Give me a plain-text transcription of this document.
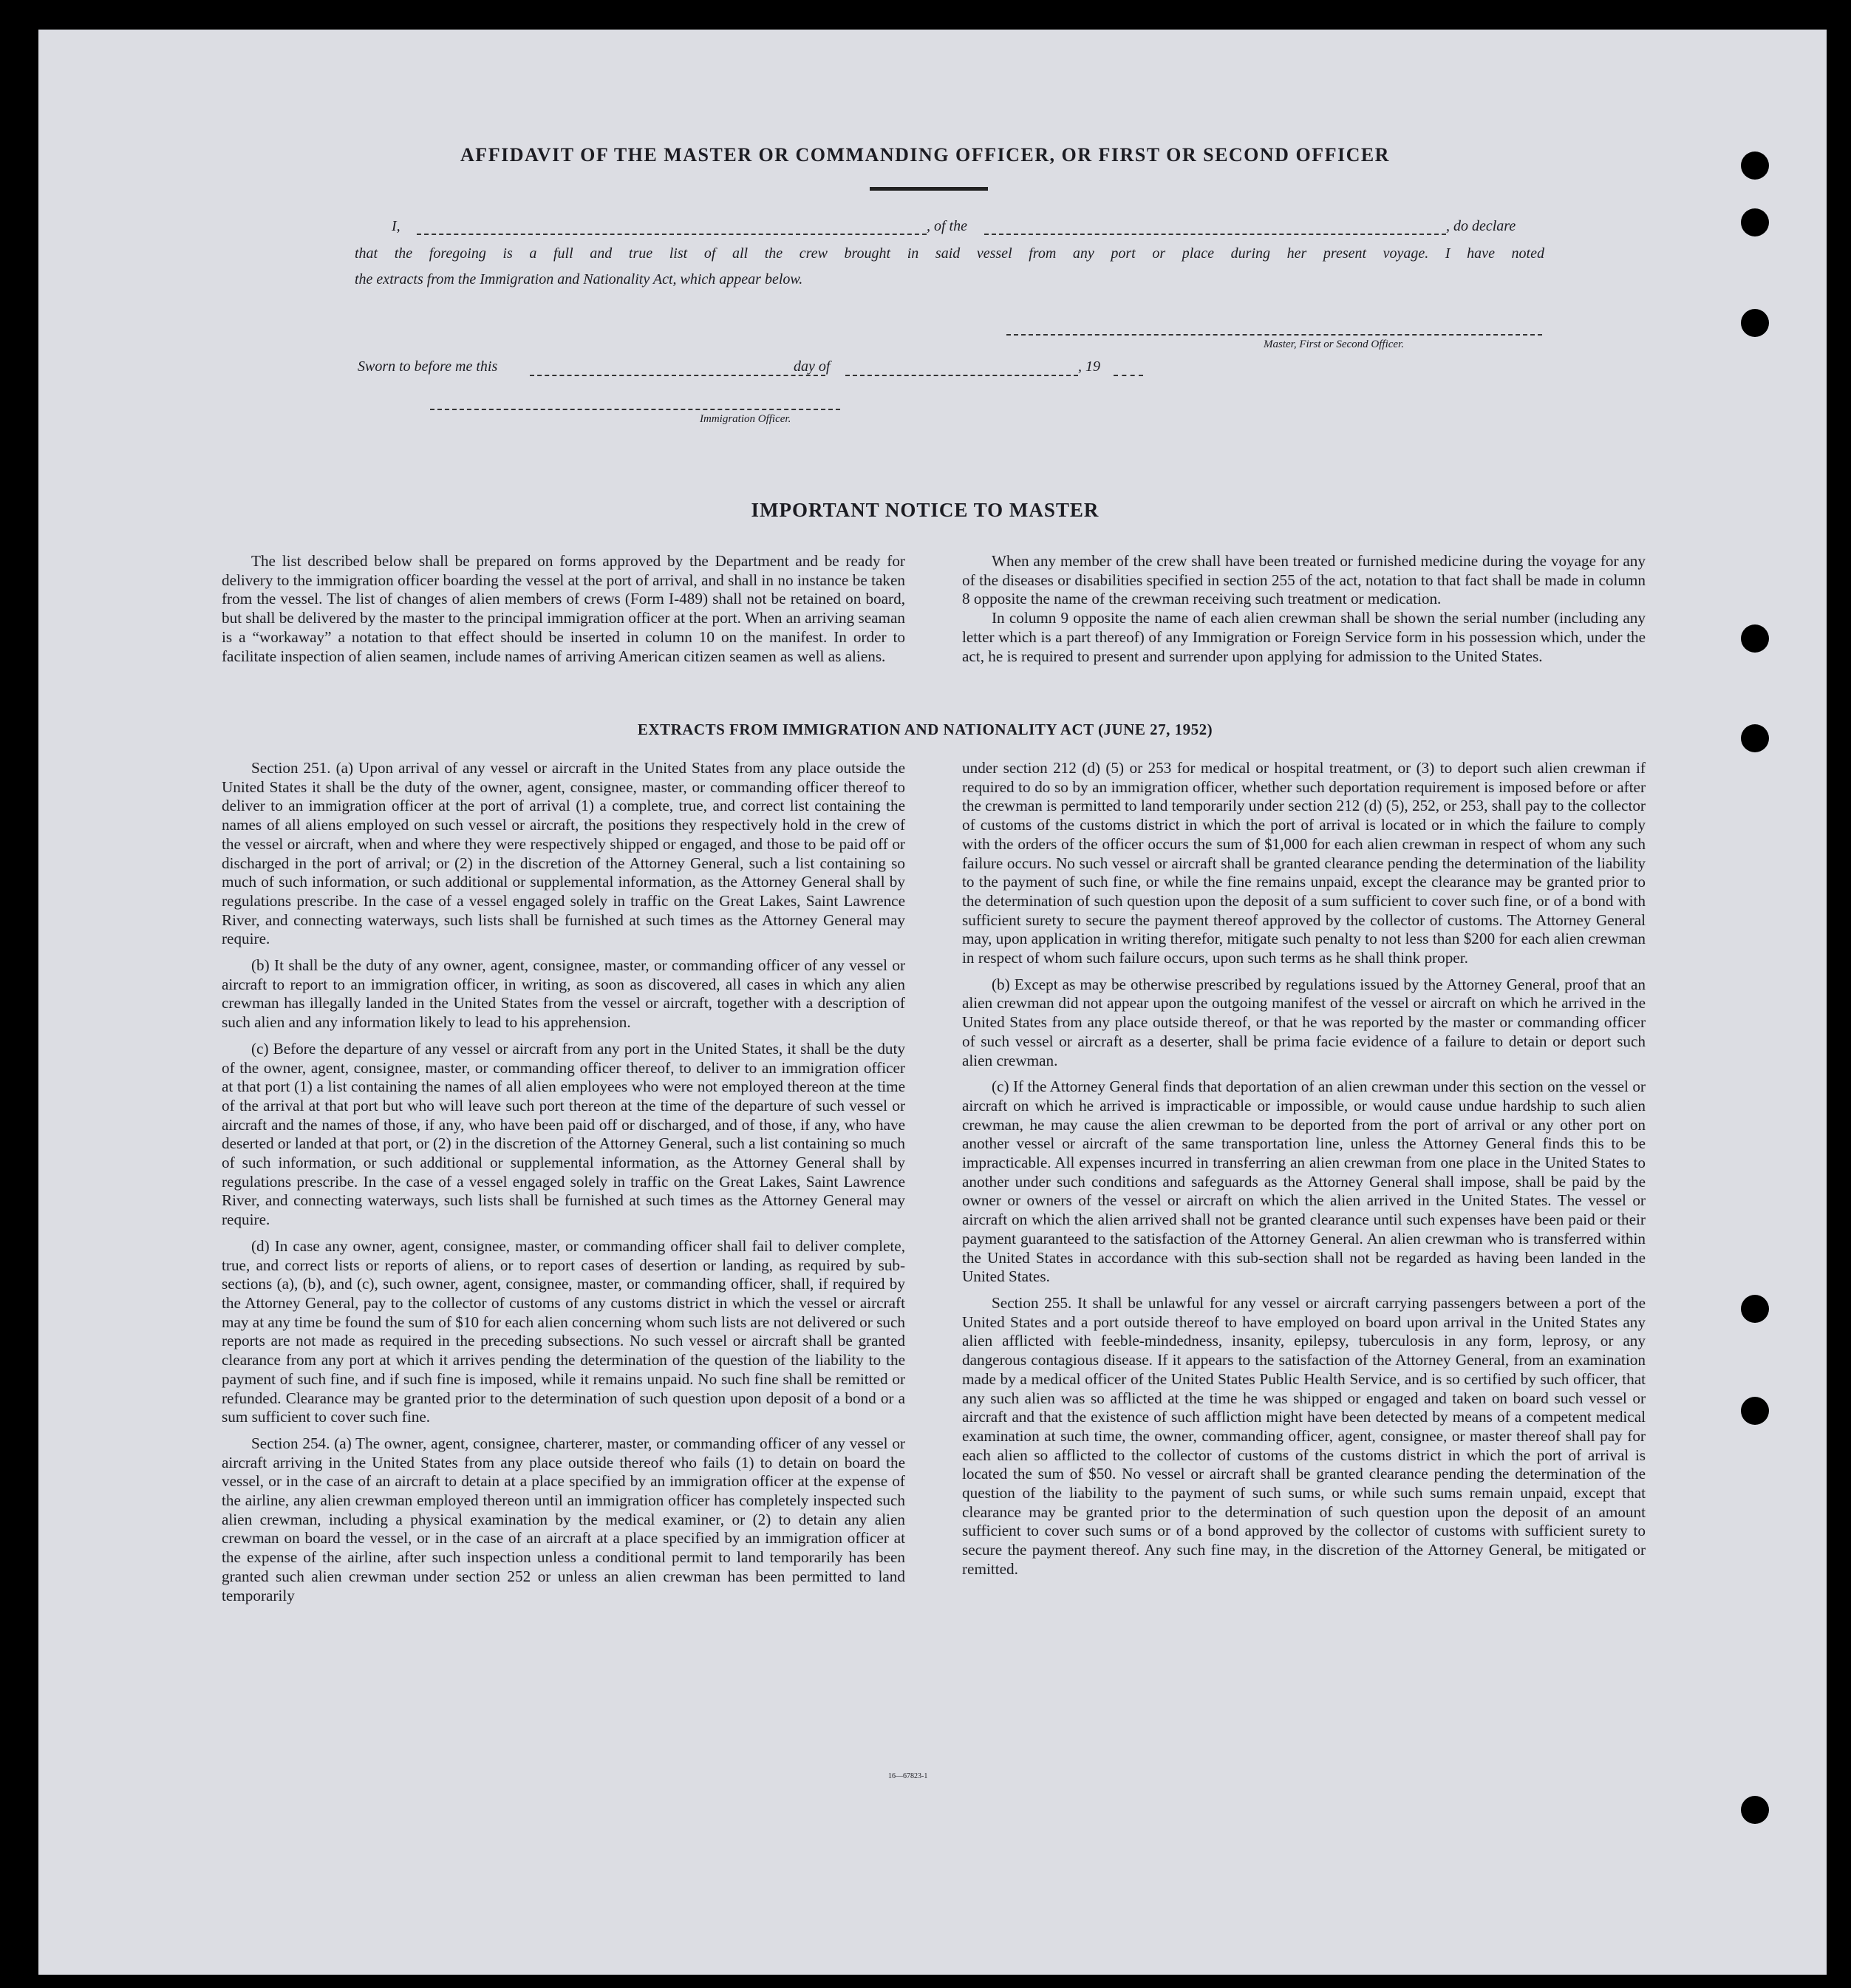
AFFIDAVIT OF THE MASTER OR COMMANDING OFFICER, OR FIRST OR SECOND OFFICER
I,	, of the	, do declare
that the foregoing is a full and true list of all the crew brought in said vessel from any port or place during her present voyage. I have noted
the extracts from the Immigration and Nationality Act, which appear below.
Master, First or Second Officer.
Sworn to before me this	day of	, 19
Immigration Officer.
IMPORTANT NOTICE TO MASTER

The list described below shall be prepared on forms approved by the Department and be ready for delivery to the immigration officer boarding the vessel at the port of arrival, and shall in no instance be taken from the vessel. The list of changes of alien members of crews (Form I-489) shall not be retained on board, but shall be delivered by the master to the principal immigration officer at the port. When an arriving seaman is a “workaway” a notation to that effect should be inserted in column 10 on the manifest. In order to facilitate inspection of alien seamen, include names of arriving American citizen seamen as well as aliens.

When any member of the crew shall have been treated or furnished medicine during the voyage for any of the diseases or disabilities specified in section 255 of the act, notation to that fact shall be made in column 8 opposite the name of the crewman receiving such treatment or medication.

In column 9 opposite the name of each alien crewman shall be shown the serial number (including any letter which is a part thereof) of any Immigration or Foreign Service form in his possession which, under the act, he is required to present and surrender upon applying for admission to the United States.

EXTRACTS FROM IMMIGRATION AND NATIONALITY ACT (JUNE 27, 1952)

Section 251. (a) Upon arrival of any vessel or aircraft in the United States from any place outside the United States it shall be the duty of the owner, agent, consignee, master, or commanding officer thereof to deliver to an immigration officer at the port of arrival (1) a complete, true, and correct list containing the names of all aliens employed on such vessel or aircraft, the positions they respectively hold in the crew of the vessel or aircraft, when and where they were respectively shipped or engaged, and those to be paid off or discharged in the port of arrival; or (2) in the discretion of the Attorney General, such a list containing so much of such information, or such additional or supplemental information, as the Attorney General shall by regulations prescribe. In the case of a vessel engaged solely in traffic on the Great Lakes, Saint Lawrence River, and connecting waterways, such lists shall be furnished at such times as the Attorney General may require.

(b) It shall be the duty of any owner, agent, consignee, master, or commanding officer of any vessel or aircraft to report to an immigration officer, in writing, as soon as discovered, all cases in which any alien crewman has illegally landed in the United States from the vessel or aircraft, together with a description of such alien and any information likely to lead to his apprehension.

(c) Before the departure of any vessel or aircraft from any port in the United States, it shall be the duty of the owner, agent, consignee, master, or commanding officer thereof, to deliver to an immigration officer at that port (1) a list containing the names of all alien employees who were not employed thereon at the time of the arrival at that port but who will leave such port thereon at the time of the departure of such vessel or aircraft and the names of those, if any, who have been paid off or discharged, and of those, if any, who have deserted or landed at that port, or (2) in the discretion of the Attorney General, such a list containing so much of such information, or such additional or supplemental information, as the Attorney General shall by regulations prescribe. In the case of a vessel engaged solely in traffic on the Great Lakes, Saint Lawrence River, and connecting waterways, such lists shall be furnished at such times as the Attorney General may require.

(d) In case any owner, agent, consignee, master, or commanding officer shall fail to deliver complete, true, and correct lists or reports of aliens, or to report cases of desertion or landing, as required by sub-sections (a), (b), and (c), such owner, agent, consignee, master, or commanding officer, shall, if required by the Attorney General, pay to the collector of customs of any customs district in which the vessel or aircraft may at any time be found the sum of $10 for each alien concerning whom such lists are not delivered or such reports are not made as required in the preceding subsections. No such vessel or aircraft shall be granted clearance from any port at which it arrives pending the determination of the question of the liability to the payment of such fine, and if such fine is imposed, while it remains unpaid. No such fine shall be remitted or refunded. Clearance may be granted prior to the determination of such question upon deposit of a bond or a sum sufficient to cover such fine.

Section 254. (a) The owner, agent, consignee, charterer, master, or commanding officer of any vessel or aircraft arriving in the United States from any place outside thereof who fails (1) to detain on board the vessel, or in the case of an aircraft to detain at a place specified by an immigration officer at the expense of the airline, any alien crewman employed thereon until an immigration officer has completely inspected such alien crewman, including a physical examination by the medical examiner, or (2) to detain any alien crewman on board the vessel, or in the case of an aircraft at a place specified by an immigration officer at the expense of the airline, after such inspection unless a conditional permit to land temporarily has been granted such alien crewman under section 252 or unless an alien crewman has been permitted to land temporarily

under section 212 (d) (5) or 253 for medical or hospital treatment, or (3) to deport such alien crewman if required to do so by an immigration officer, whether such deportation requirement is imposed before or after the crewman is permitted to land temporarily under section 212 (d) (5), 252, or 253, shall pay to the collector of customs of the customs district in which the port of arrival is located or in which the failure to comply with the orders of the officer occurs the sum of $1,000 for each alien crewman in respect of whom any such failure occurs. No such vessel or aircraft shall be granted clearance pending the determination of the liability to the payment of such fine, or while the fine remains unpaid, except the clearance may be granted prior to the determination of such question upon the deposit of a sum sufficient to cover such fine, or of a bond with sufficient surety to secure the payment thereof approved by the collector of customs. The Attorney General may, upon application in writing therefor, mitigate such penalty to not less than $200 for each alien crewman in respect of whom such failure occurs, upon such terms as he shall think proper.

(b) Except as may be otherwise prescribed by regulations issued by the Attorney General, proof that an alien crewman did not appear upon the outgoing manifest of the vessel or aircraft on which he arrived in the United States from any place outside thereof, or that he was reported by the master or commanding officer of such vessel or aircraft as a deserter, shall be prima facie evidence of a failure to detain or deport such alien crewman.

(c) If the Attorney General finds that deportation of an alien crewman under this section on the vessel or aircraft on which he arrived is impracticable or impossible, or would cause undue hardship to such alien crewman, he may cause the alien crewman to be deported from the port of arrival or any other port on another vessel or aircraft of the same transportation line, unless the Attorney General finds this to be impracticable. All expenses incurred in transferring an alien crewman from one place in the United States to another under such conditions and safeguards as the Attorney General shall impose, shall be paid by the owner or owners of the vessel or aircraft on which the alien arrived in the United States. The vessel or aircraft on which the alien arrived shall not be granted clearance until such expenses have been paid or their payment guaranteed to the satisfaction of the Attorney General. An alien crewman who is transferred within the United States in accordance with this sub-section shall not be regarded as having been landed in the United States.

Section 255. It shall be unlawful for any vessel or aircraft carrying passengers between a port of the United States and a port outside thereof to have employed on board upon arrival in the United States any alien afflicted with feeble-mindedness, insanity, epilepsy, tuberculosis in any form, leprosy, or any dangerous contagious disease. If it appears to the satisfaction of the Attorney General, from an examination made by a medical officer of the United States Public Health Service, and is so certified by such officer, that any such alien was so afflicted at the time he was shipped or engaged and taken on board such vessel or aircraft and that the existence of such affliction might have been detected by means of a competent medical examination at such time, the owner, commanding officer, agent, consignee, or master thereof shall pay for each alien so afflicted to the collector of customs of the customs district in which the port of arrival is located the sum of $50. No vessel or aircraft shall be granted clearance pending the determination of the question of the liability to the payment of such sums, or while such sums remain unpaid, except that clearance may be granted prior to the determination of such question upon the deposit of an amount sufficient to cover such sums or of a bond approved by the collector of customs with sufficient surety to secure the payment thereof. Any such fine may, in the discretion of the Attorney General, be mitigated or remitted.

16—67823-1
